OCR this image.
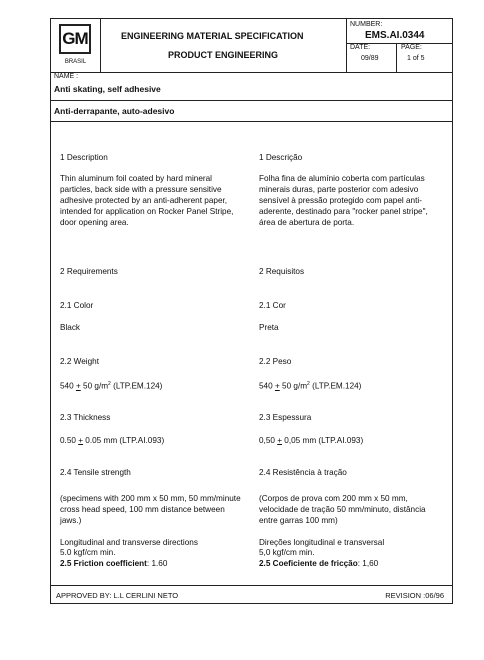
GM
BRASIL
ENGINEERING MATERIAL SPECIFICATION
PRODUCT ENGINEERING
NUMBER:
EMS.AI.0344
DATE:
09/89
PAGE:
1 of 5
NAME :
Anti skating, self adhesive
Anti-derrapante, auto-adesivo
1 Description
Thin aluminum foil coated by hard mineral particles, back side with a pressure sensitive adhesive protected by an anti-adherent paper, intended for application on Rocker Panel Stripe, door opening area.
2 Requirements
2.1 Color
Black
2.2 Weight
540 + 50 $g/m^2$ (LTP.EM.124)
2.3 Thickness
0.50 + 0.05 mm (LTP.AI.093)
2.4 Tensile strength
(specimens with 200 mm x 50 mm, 50 mm/minute cross head speed, 100 mm distance between jaws.)
Longitudinal and transverse directions
5.0 kgf/cm min.
2.5 Friction coefficient: 1.60
1 Descrição
Folha fina de alumínio coberta com partículas minerais duras, parte posterior com adesivo sensível à pressão protegido com papel anti-aderente, destinado para "rocker panel stripe", área de abertura de porta.
2 Requisitos
2.1 Cor
Preta
2.2 Peso
540 + 50 $g/m^2$ (LTP.EM.124)
2.3 Espessura
0,50 + 0,05 mm (LTP.AI.093)
2.4 Resistência à tração
(Corpos de prova com 200 mm x 50 mm, velocidade de tração 50 mm/minuto, distância entre garras 100 mm)
Direções longitudinal e transversal
5,0 kgf/cm min.
2.5 Coeficiente de fricção: 1,60
APPROVED BY: L.L CERLINI NETO	REVISION :06/96
